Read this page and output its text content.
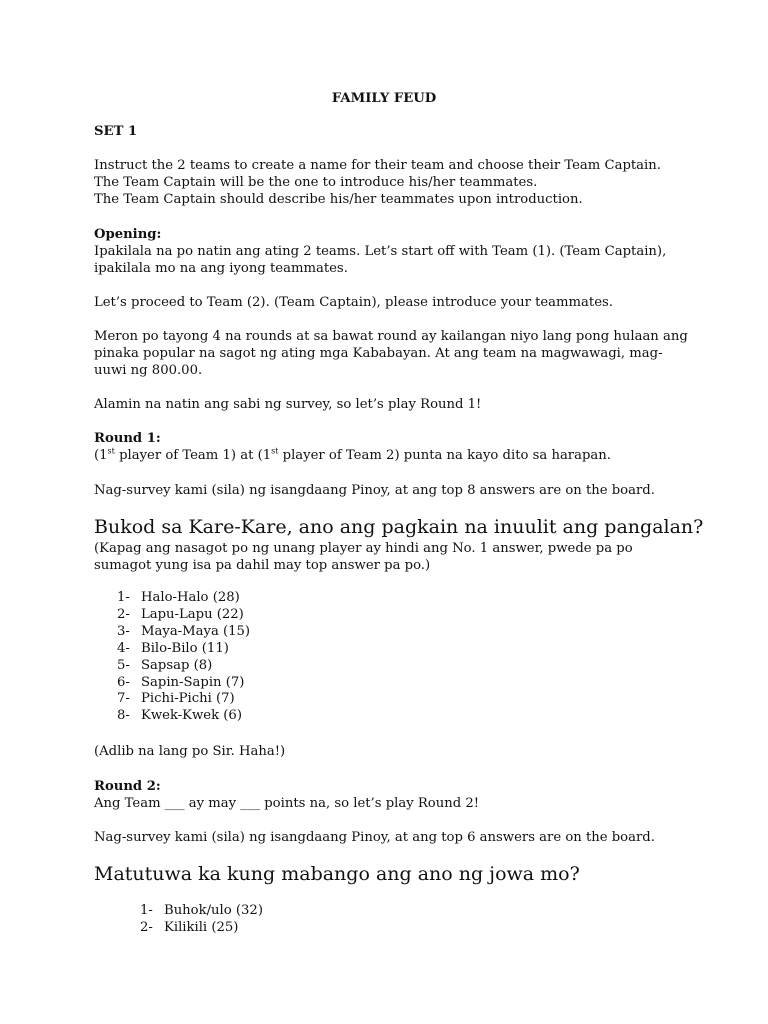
FAMILY FEUD
SET 1
Instruct the 2 teams to create a name for their team and choose their Team Captain.
The Team Captain will be the one to introduce his/her teammates.
The Team Captain should describe his/her teammates upon introduction.
Opening:
Ipakilala na po natin ang ating 2 teams. Let’s start off with Team (1). (Team Captain),
ipakilala mo na ang iyong teammates.
Let’s proceed to Team (2). (Team Captain), please introduce your teammates.
Meron po tayong 4 na rounds at sa bawat round ay kailangan niyo lang pong hulaan ang
pinaka popular na sagot ng ating mga Kababayan. At ang team na magwawagi, mag-
uuwi ng 800.00.
Alamin na natin ang sabi ng survey, so let’s play Round 1!
Round 1:
(1st player of Team 1) at (1st player of Team 2) punta na kayo dito sa harapan.
Nag-survey kami (sila) ng isangdaang Pinoy, at ang top 8 answers are on the board.
Bukod sa Kare-Kare, ano ang pagkain na inuulit ang pangalan?
(Kapag ang nasagot po ng unang player ay hindi ang No. 1 answer, pwede pa po
sumagot yung isa pa dahil may top answer pa po.)
1- Halo-Halo (28)
2- Lapu-Lapu (22)
3- Maya-Maya (15)
4- Bilo-Bilo (11)
5- Sapsap (8)
6- Sapin-Sapin (7)
7- Pichi-Pichi (7)
8- Kwek-Kwek (6)
(Adlib na lang po Sir. Haha!)
Round 2:
Ang Team ___ ay may ___ points na, so let’s play Round 2!
Nag-survey kami (sila) ng isangdaang Pinoy, at ang top 6 answers are on the board.
Matutuwa ka kung mabango ang ano ng jowa mo?
1- Buhok/ulo (32)
2- Kilikili (25)
